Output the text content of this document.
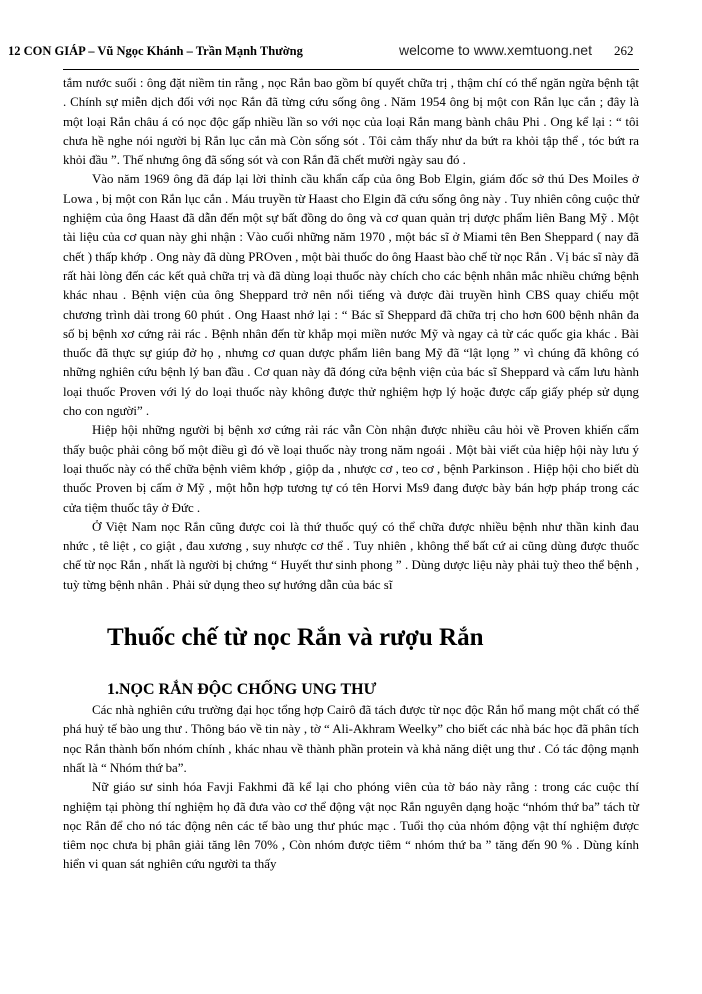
12 CON GIÁP – Vũ Ngọc Khánh – Trần Mạnh Thường	welcome to www.xemtuong.net 262

tắm nước suối : ông đặt niềm tin rằng , nọc Rắn bao gồm bí quyết chữa trị , thậm chí có thể ngăn ngừa bệnh tật . Chính sự miễn dịch đối với nọc Rắn đã từng cứu sống ông . Năm 1954 ông bị một con Rắn lục cắn ; đây là một loại Rắn châu á có nọc độc gấp nhiều lần so với nọc của loại Rắn mang bành châu Phi . Ong kể lại : “ tôi chưa hề nghe nói người bị Rắn lục cắn mà Còn sống sót . Tôi cảm thấy như da bứt ra khỏi tập thể , tóc bứt ra khỏi đầu ”. Thế nhưng ông đã sống sót và con Rắn đã chết mười ngày sau đó .

Vào năm 1969 ông đã đáp lại lời thỉnh cầu khẩn cấp của ông Bob Elgin, giám đốc sở thú Des Moiles ở Lowa , bị một con Rắn lục cắn . Máu truyền từ Haast cho Elgin đã cứu sống ông này . Tuy nhiên công cuộc thử nghiệm của ông Haast đã dẫn đến một sự bất đồng do ông và cơ quan quản trị dược phẩm liên Bang Mỹ . Một tài liệu của cơ quan này ghi nhận : Vào cuối những năm 1970 , một bác sĩ ở Miami tên Ben Sheppard ( nay đã chết ) thấp khớp . Ong này đã dùng PROven , một bài thuốc do ông Haast bào chế từ nọc Rắn . Vị bác sĩ này đã rất hài lòng đến các kết quả chữa trị và đã dùng loại thuốc này chích cho các bệnh nhân mắc nhiều chứng bệnh khác nhau . Bệnh viện của ông Sheppard trở nên nổi tiếng và được đài truyền hình CBS quay chiếu một chương trình dài trong 60 phút . Ong Haast nhớ lại : “ Bác sĩ Sheppard đã chữa trị cho hơn 600 bệnh nhân đa số bị bệnh xơ cứng rải rác . Bệnh nhân đến từ khắp mọi miền nước Mỹ và ngay cả từ các quốc gia khác . Bài thuốc đã thực sự giúp đở họ , nhưng cơ quan dược phẩm liên bang Mỹ đã “lật lọng ” vì chúng đã không có những nghiên cứu bệnh lý ban đầu . Cơ quan này đã đóng cửa bệnh viện của bác sĩ Sheppard và cấm lưu hành loại thuốc Proven với lý do loại thuốc này không được thử nghiệm hợp lý hoặc được cấp giấy phép sử dụng cho con người” .

Hiệp hội những người bị bệnh xơ cứng rải rác vẫn Còn nhận được nhiều câu hỏi về Proven khiến cẩm thấy buộc phải công bố một điều gì đó về loại thuốc này trong năm ngoái . Một bài viết của hiệp hội này lưu ý loại thuốc này có thể chữa bệnh viêm khớp , giộp da , nhược cơ , teo cơ , bệnh Parkinson . Hiệp hội cho biết dù thuốc Proven bị cấm ở Mỹ , một hỗn hợp tương tự có tên Horvi Ms9 đang được bày bán hợp pháp trong các cửa tiệm thuốc tây ở Đức .

Ở Việt Nam nọc Rắn cũng được coi là thứ thuốc quý có thể chữa được nhiều bệnh như thần kinh đau nhức , tê liệt , co giật , đau xương , suy nhược cơ thể . Tuy nhiên , không thể bất cứ ai cũng dùng được thuốc chế từ nọc Rắn , nhất là người bị chứng “ Huyết thư sinh phong ” . Dùng dược liệu này phải tuỳ theo thể bệnh , tuỳ từng bệnh nhân . Phải sử dụng theo sự hướng dẫn của bác sĩ

Thuốc chế từ nọc Rắn và rượu Rắn
1.NỌC RẮN ĐỘC CHỐNG UNG THƯ

Các nhà nghiên cứu trường đại học tổng hợp Cairô đã tách được từ nọc độc Rắn hổ mang một chất có thể phá huỷ tế bào ung thư . Thông báo về tin này , tờ “ Ali-Akhram Weelky” cho biết các nhà bác học đã phân tích nọc Rắn thành bốn nhóm chính , khác nhau về thành phần protein và khả năng diệt ung thư . Có tác động mạnh nhất là “ Nhóm thứ ba”.

Nữ giáo sư sinh hóa Favji Fakhmi đã kể lại cho phóng viên của tờ báo này rằng : trong các cuộc thí nghiệm tại phòng thí nghiệm họ đã đưa vào cơ thể động vật nọc Rắn nguyên dạng hoặc “nhóm thứ ba” tách từ nọc Rắn để cho nó tác động nên các tế bào ung thư phúc mạc . Tuổi thọ của nhóm động vật thí nghiệm được tiêm nọc chưa bị phân giải tăng lên 70% , Còn nhóm được tiêm “ nhóm thứ ba ” tăng đến 90 % . Dùng kính hiển vi quan sát nghiên cứu người ta thấy
